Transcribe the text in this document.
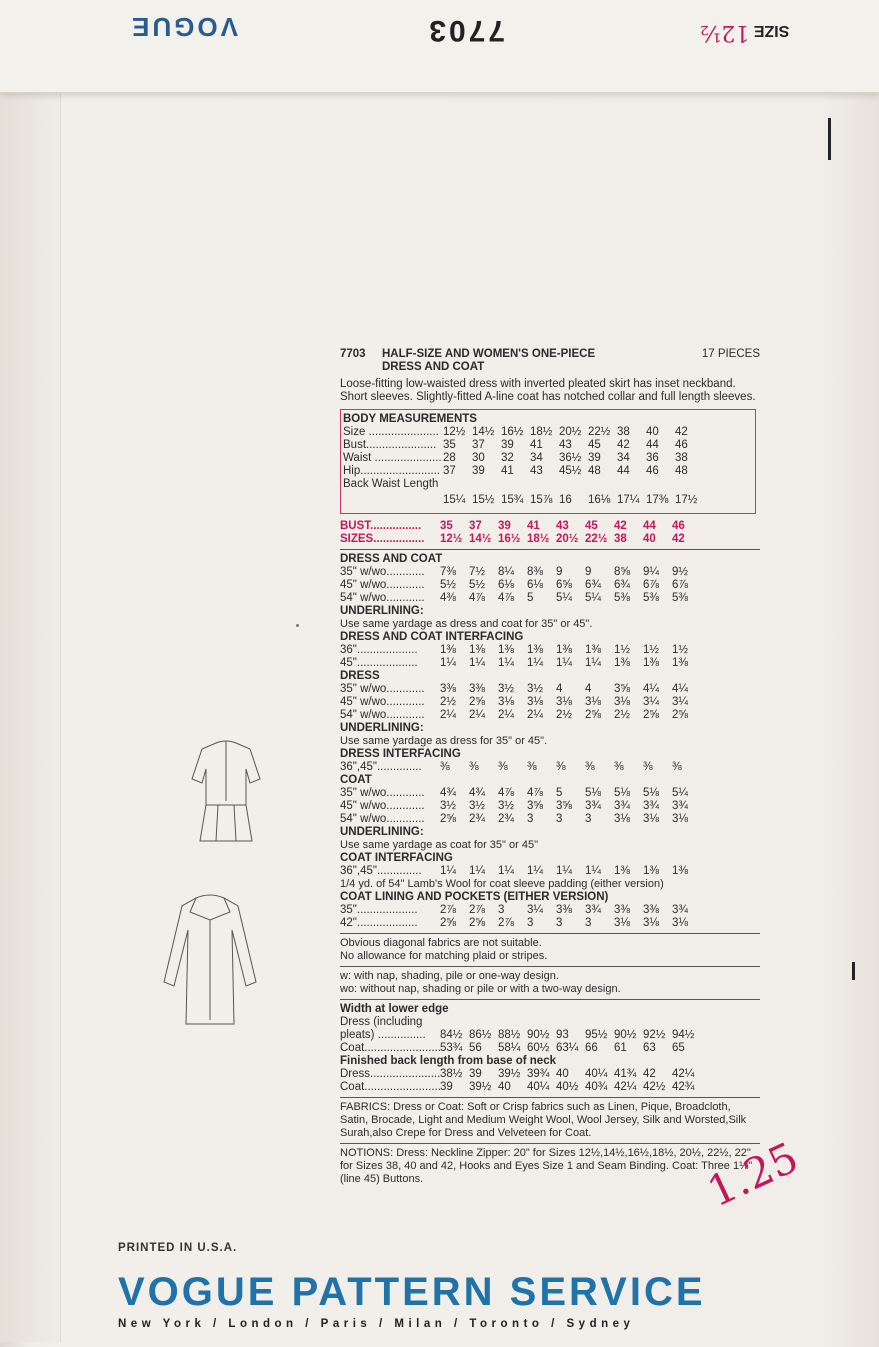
VOGUE	7703	SIZE 12½
7703 HALF-SIZE AND WOMEN'S ONE-PIECE
DRESS AND COAT
17 PIECES
Loose-fitting low-waisted dress with inverted pleated skirt has inset neckband. Short sleeves. Slightly-fitted A-line coat has notched collar and full length sleeves.
BODY MEASUREMENTS
Size ...................... 12½ 14½ 16½ 18½ 20½ 22½ 38	40	42
Bust...................... 35	37	39	41	43	45	42	44	46
Waist ..................... 28	30	32	34	36½ 39	34	36	38
Hip......................... 37	39	41	43	45½ 48	44	46	48
Back Waist Length
15¼ 15½ 15¾ 15⅞ 16	16⅛ 17¼ 17⅜ 17½
BUST................	35	37	39	41	43	45	42	44	46
SIZES................	12½ 14½ 16½ 18½ 20½ 22½ 38	40	42
DRESS AND COAT
35" w/wo............	7⅜	7½	8¼	8⅜	9	9	8⅝	9¼	9½
45" w/wo............	5½	5½	6⅛	6⅛	6⅝	6¾	6¾	6⅞	6⅞
54" w/wo............	4⅜	4⅞	4⅞	5	5¼	5¼	5⅜	5⅜	5⅜
UNDERLINING:
Use same yardage as dress and coat for 35" or 45".
DRESS AND COAT INTERFACING
36"...................	1⅜	1⅜	1⅜	1⅜	1⅜	1⅜	1½	1½	1½
45"...................	1¼	1¼	1¼	1¼	1¼	1¼	1⅜	1⅜	1⅜
DRESS
35" w/wo............	3⅜	3⅜	3½	3½	4	4	3⅝	4¼	4¼
45" w/wo............	2½	2⅝	3⅛	3⅛	3⅛	3⅛	3⅛	3¼	3¼
54" w/wo............	2¼	2¼	2¼	2¼	2½	2⅝	2½	2⅝	2⅝
UNDERLINING:
Use same yardage as dress for 35" or 45".
DRESS INTERFACING
36",45"..............	⅜	⅜	⅜	⅜	⅜	⅜	⅜	⅜	⅜
COAT
35" w/wo............	4¾	4¾	4⅞	4⅞	5	5⅛	5⅛	5⅛	5¼
45" w/wo............	3½	3½	3½	3⅝	3⅝	3¾	3¾	3¾	3¾
54" w/wo............	2⅝	2¾	2¾	3	3	3	3⅛	3⅛	3⅛
UNDERLINING:
Use same yardage as coat for 35" or 45"
COAT INTERFACING
36",45"..............	1¼	1¼	1¼	1¼	1¼	1¼	1⅜	1⅜	1⅜
1/4 yd. of 54" Lamb's Wool for coat sleeve padding (either version)
COAT LINING AND POCKETS (EITHER VERSION)
35"...................	2⅞	2⅞	3	3¼	3⅜	3¾	3⅜	3⅜	3¾
42"...................	2⅝	2⅝	2⅞	3	3	3	3⅛	3⅛	3⅛
Obvious diagonal fabrics are not suitable.
No allowance for matching plaid or stripes.
w: with nap, shading, pile or one-way design.
wo: without nap, shading or pile or with a two-way design.
Width at lower edge
Dress (including
pleats) ...............	84½ 86½ 88½ 90½ 93	95½ 90½ 92½ 94½
Coat........................ 53¾ 56	58¼ 60½ 63¼ 66	61	63	65
Finished back length from base of neck
Dress...................... 38½ 39	39½ 39¾ 40	40¼ 41¾ 42	42¼
Coat........................ 39	39½ 40	40¼ 40½ 40¾ 42¼ 42½ 42¾
FABRICS: Dress or Coat: Soft or Crisp fabrics such as Linen, Pique, Broadcloth, Satin, Brocade, Light and Medium Weight Wool, Wool Jersey, Silk and Worsted,Silk Surah,also Crepe for Dress and Velveteen for Coat.
NOTIONS: Dress: Neckline Zipper: 20" for Sizes 12½,14½,16½,18½, 20½, 22½, 22" for Sizes 38, 40 and 42, Hooks and Eyes Size 1 and Seam Binding. Coat: Three 1⅛" (line 45) Buttons.	1.25
PRINTED IN U.S.A.
VOGUE PATTERN SERVICE
New York / London / Paris / Milan / Toronto / Sydney
